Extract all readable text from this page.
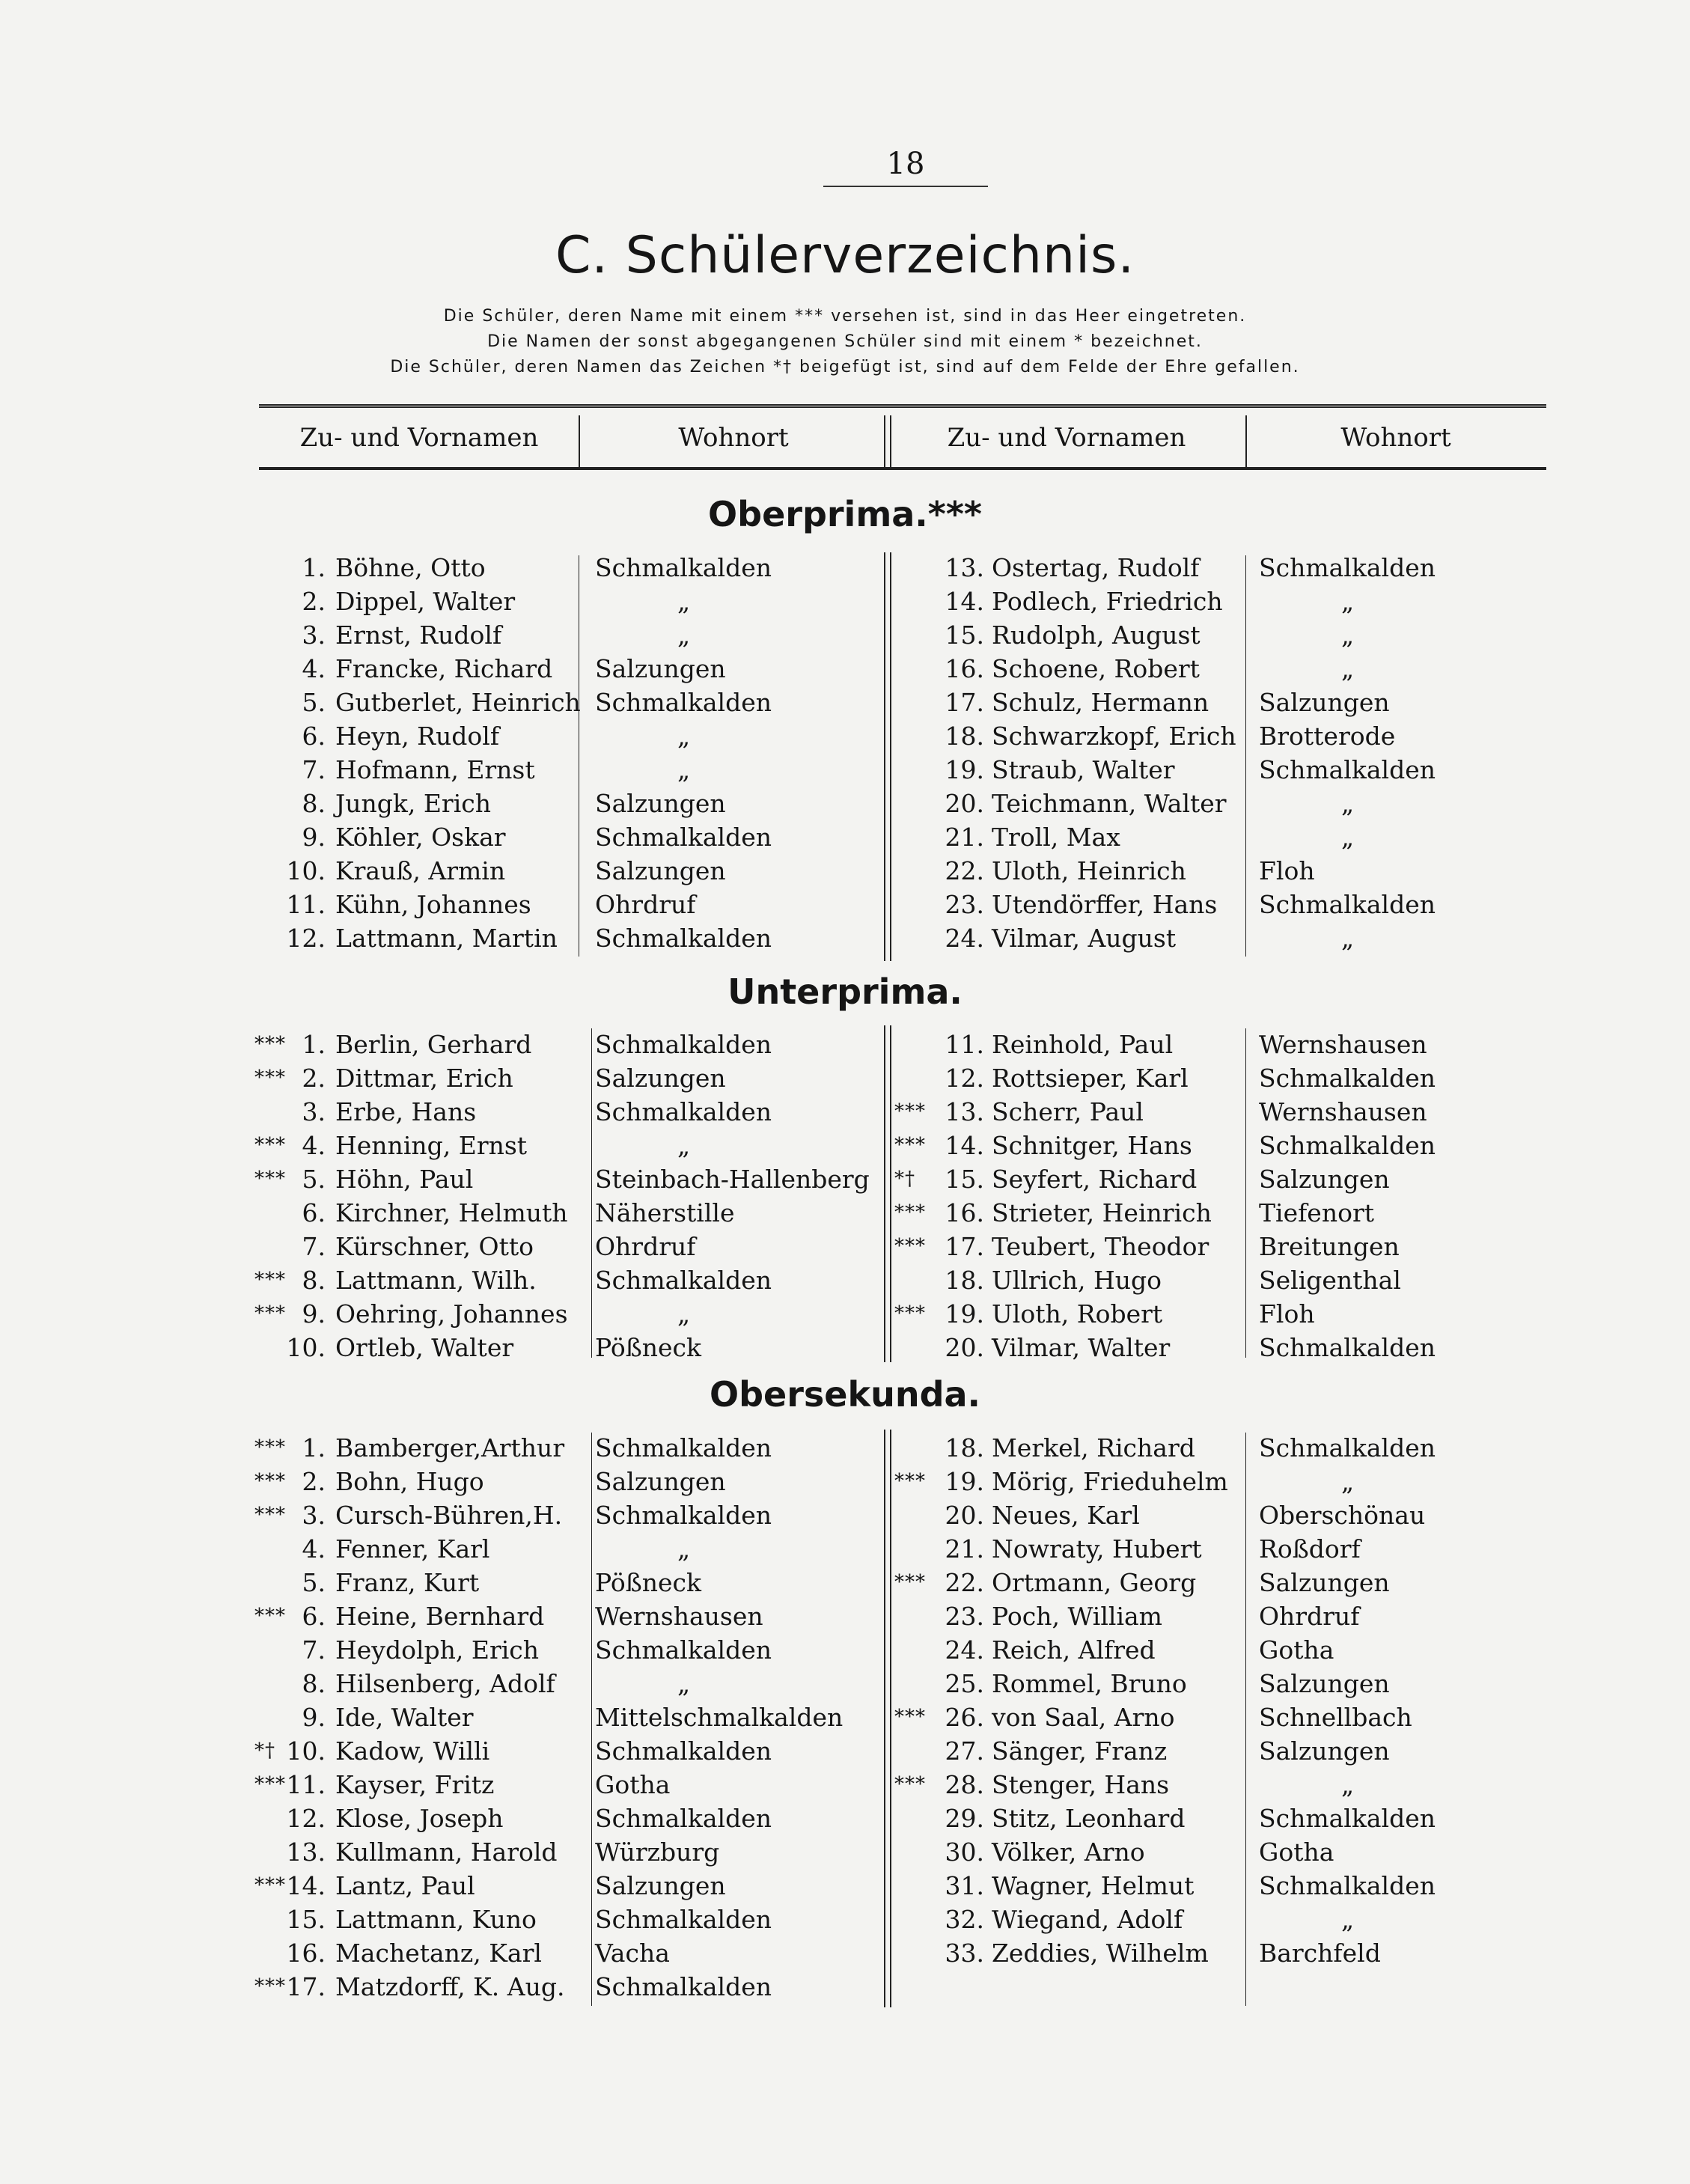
18
C. Schülerverzeichnis.
Die Schüler, deren Name mit einem *** versehen ist, sind in das Heer eingetreten.
Die Namen der sonst abgegangenen Schüler sind mit einem * bezeichnet.
Die Schüler, deren Namen das Zeichen *† beigefügt ist, sind auf dem Felde der Ehre gefallen.
Zu- und Vornamen	Wohnort	Zu- und Vornamen	Wohnort
Oberprima.***
1. Böhne, Otto	Schmalkalden
2. Dippel, Walter	„
3. Ernst, Rudolf	„
4. Francke, Richard Salzungen
5. Gutberlet, Heinrich Schmalkalden
6. Heyn, Rudolf	„
7. Hofmann, Ernst	„
8. Jungk, Erich	Salzungen
9. Köhler, Oskar	Schmalkalden
10. Krauß, Armin	Salzungen
11. Kühn, Johannes	Ohrdruf
12. Lattmann, Martin Schmalkalden
13. Ostertag, Rudolf Schmalkalden
14. Podlech, Friedrich	„
15. Rudolph, August	„
16. Schoene, Robert	„
17. Schulz, Hermann Salzungen
18. Schwarzkopf, Erich Brotterode
19. Straub, Walter	Schmalkalden
20. Teichmann, Walter	„
21. Troll, Max	„
22. Uloth, Heinrich	Floh
23. Utendörffer, Hans Schmalkalden
24. Vilmar, August	„
Unterprima.
*** 1. Berlin, Gerhard	Schmalkalden
*** 2. Dittmar, Erich	Salzungen
3. Erbe, Hans	Schmalkalden
*** 4. Henning, Ernst	„
*** 5. Höhn, Paul	Steinbach-Hallenberg
6. Kirchner, Helmuth Näherstille
7. Kürschner, Otto Ohrdruf
*** 8. Lattmann, Wilh. Schmalkalden
*** 9. Oehring, Johannes	„
10. Ortleb, Walter	Pößneck
11. Reinhold, Paul	Wernshausen
12. Rottsieper, Karl	Schmalkalden
*** 13. Scherr, Paul	Wernshausen
*** 14. Schnitger, Hans	Schmalkalden
*†	15. Seyfert, Richard	Salzungen
*** 16. Strieter, Heinrich Tiefenort
*** 17. Teubert, Theodor Breitungen
18. Ullrich, Hugo	Seligenthal
*** 19. Uloth, Robert	Floh
20. Vilmar, Walter	Schmalkalden
Obersekunda.
*** 1. Bamberger,Arthur Schmalkalden
*** 2. Bohn, Hugo	Salzungen
*** 3. Cursch-Bühren,H. Schmalkalden
4. Fenner, Karl	„
5. Franz, Kurt	Pößneck
*** 6. Heine, Bernhard Wernshausen
7. Heydolph, Erich Schmalkalden
8. Hilsenberg, Adolf	„
9. Ide, Walter	Mittelschmalkalden
*† 10. Kadow, Willi	Schmalkalden
*** 11. Kayser, Fritz	Gotha
12. Klose, Joseph	Schmalkalden
13. Kullmann, Harold Würzburg
*** 14. Lantz, Paul	Salzungen
15. Lattmann, Kuno Schmalkalden
16. Machetanz, Karl Vacha
*** 17. Matzdorff, K. Aug. Schmalkalden
18. Merkel, Richard	Schmalkalden
*** 19. Mörig, Frieduhelm	„
20. Neues, Karl	Oberschönau
21. Nowraty, Hubert Roßdorf
*** 22. Ortmann, Georg	Salzungen
23. Poch, William	Ohrdruf
24. Reich, Alfred	Gotha
25. Rommel, Bruno	Salzungen
*** 26. von Saal, Arno	Schnellbach
27. Sänger, Franz	Salzungen
*** 28. Stenger, Hans	„
29. Stitz, Leonhard	Schmalkalden
30. Völker, Arno	Gotha
31. Wagner, Helmut	Schmalkalden
32. Wiegand, Adolf	„
33. Zeddies, Wilhelm Barchfeld
